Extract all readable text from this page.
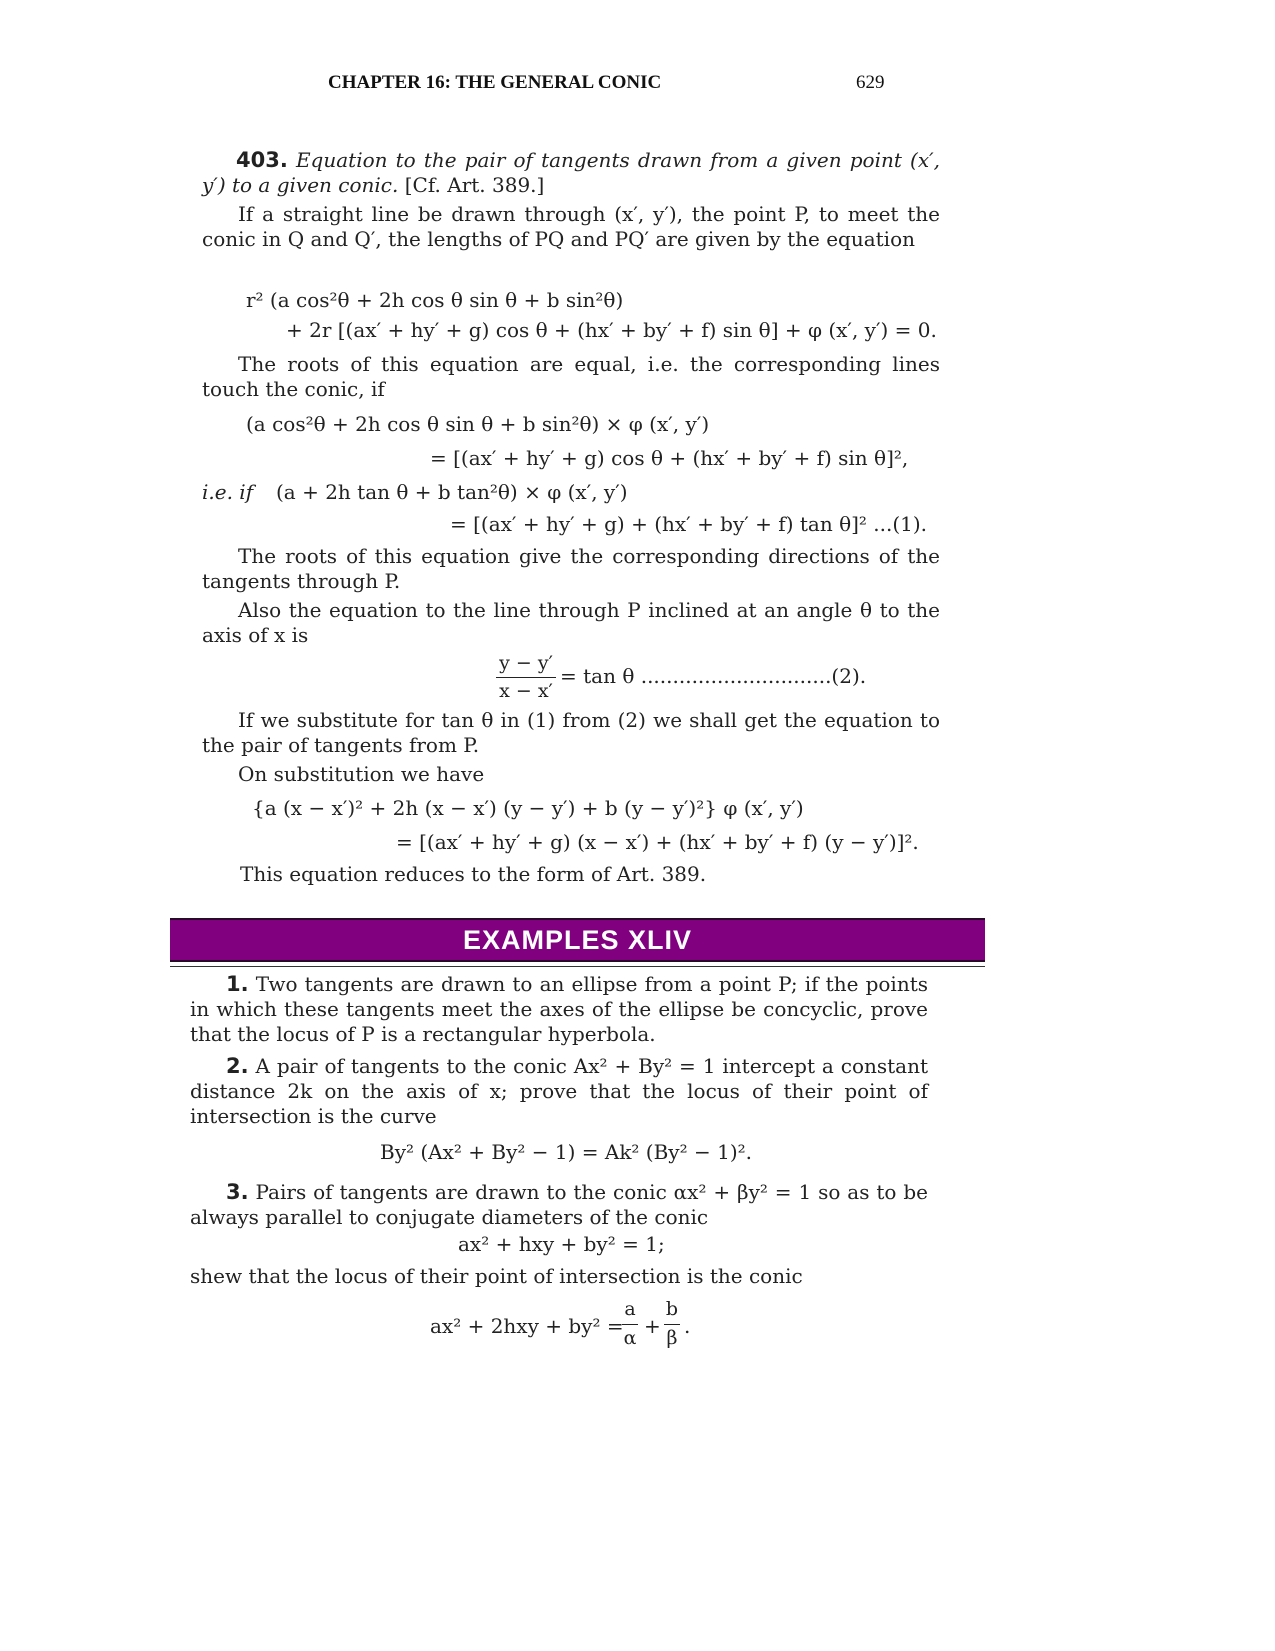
CHAPTER 16: THE GENERAL CONIC	629
403. Equation to the pair of tangents drawn from a given point (x′, y′) to a given conic. [Cf. Art. 389.]
If a straight line be drawn through (x′, y′), the point P, to meet the conic in Q and Q′, the lengths of PQ and PQ′ are given by the equation
r² (a cos²θ + 2h cos θ sin θ + b sin²θ)
+ 2r [(ax′ + hy′ + g) cos θ + (hx′ + by′ + f) sin θ] + φ (x′, y′) = 0.
The roots of this equation are equal, i.e. the corresponding lines touch the conic, if
(a cos²θ + 2h cos θ sin θ + b sin²θ) × φ (x′, y′)
= [(ax′ + hy′ + g) cos θ + (hx′ + by′ + f) sin θ]²,
i.e. if (a + 2h tan θ + b tan²θ) × φ (x′, y′)
= [(ax′ + hy′ + g) + (hx′ + by′ + f) tan θ]² ...(1).
The roots of this equation give the corresponding directions of the tangents through P.
Also the equation to the line through P inclined at an angle θ to the axis of x is
y − y′
x − x′
= tan θ ..............................(2).
If we substitute for tan θ in (1) from (2) we shall get the equation to the pair of tangents from P.
On substitution we have
{a (x − x′)² + 2h (x − x′) (y − y′) + b (y − y′)²} φ (x′, y′)
= [(ax′ + hy′ + g) (x − x′) + (hx′ + by′ + f) (y − y′)]².
This equation reduces to the form of Art. 389.
EXAMPLES XLIV
1. Two tangents are drawn to an ellipse from a point P; if the points in which these tangents meet the axes of the ellipse be concyclic, prove that the locus of P is a rectangular hyperbola.
2. A pair of tangents to the conic Ax² + By² = 1 intercept a constant distance 2k on the axis of x; prove that the locus of their point of intersection is the curve
By² (Ax² + By² − 1) = Ak² (By² − 1)².
3. Pairs of tangents are drawn to the conic αx² + βy² = 1 so as to be always parallel to conjugate diameters of the conic
ax² + hxy + by² = 1;
shew that the locus of their point of intersection is the conic
ax² + 2hxy + by² =
a
α +
b
β .
